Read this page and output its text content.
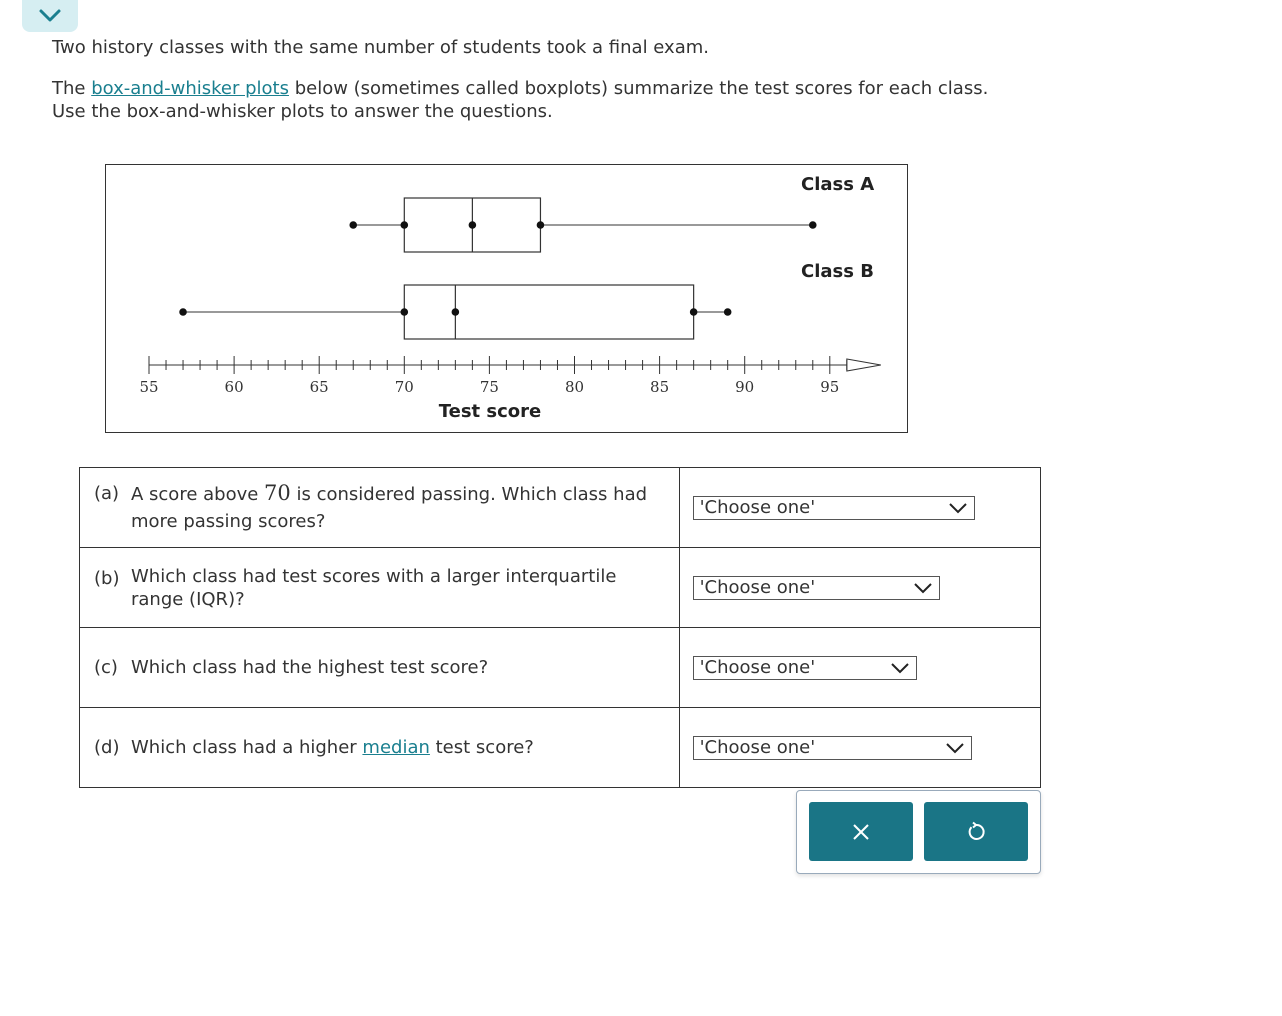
Two history classes with the same number of students took a final exam.
The box-and-whisker plots below (sometimes called boxplots) summarize the test scores for each class.
Use the box-and-whisker plots to answer the questions.
55	60	65	70	75	80	85	90	95
Test score
Class A
Class B
(a) A score above 70 is considered passing. Which class had more passing scores?	'Choose one'

(b) Which class had test scores with a larger interquartile range (IQR)?	'Choose one'

(c) Which class had the highest test score?	'Choose one'

(d) Which class had a higher median test score?	'Choose one'
